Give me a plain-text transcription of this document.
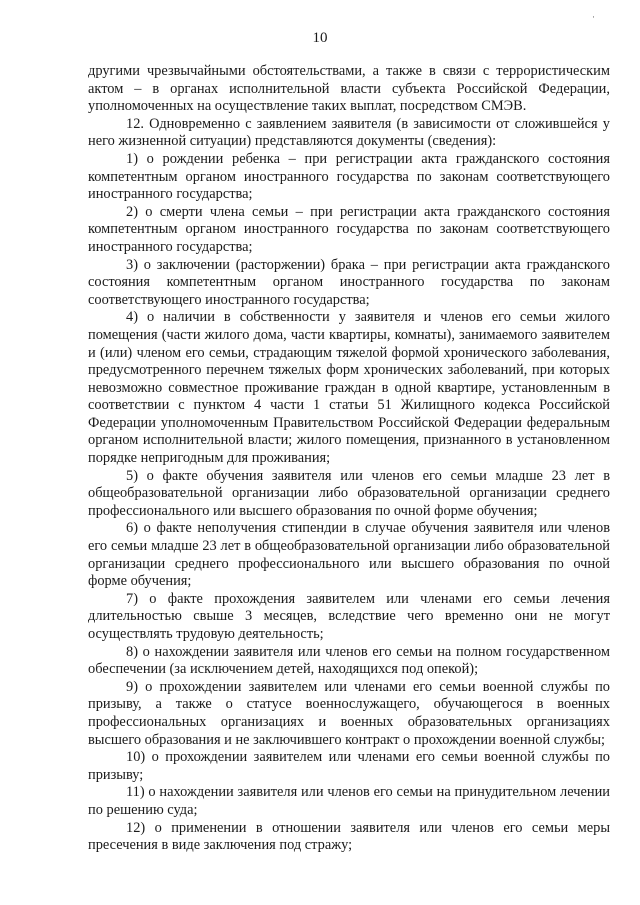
·
10

другими чрезвычайными обстоятельствами, а также в связи с террористическим актом – в органах исполнительной власти субъекта Российской Федерации, уполномоченных на осуществление таких выплат, посредством СМЭВ.

12. Одновременно с заявлением заявителя (в зависимости от сложившейся у него жизненной ситуации) представляются документы (сведения):

1) о рождении ребенка – при регистрации акта гражданского состояния компетентным органом иностранного государства по законам соответствующего иностранного государства;

2) о смерти члена семьи – при регистрации акта гражданского состояния компетентным органом иностранного государства по законам соответствующего иностранного государства;

3) о заключении (расторжении) брака – при регистрации акта гражданского состояния компетентным органом иностранного государства по законам соответствующего иностранного государства;

4) о наличии в собственности у заявителя и членов его семьи жилого помещения (части жилого дома, части квартиры, комнаты), занимаемого заявителем и (или) членом его семьи, страдающим тяжелой формой хронического заболевания, предусмотренного перечнем тяжелых форм хронических заболеваний, при которых невозможно совместное проживание граждан в одной квартире, установленным в соответствии с пунктом 4 части 1 статьи 51 Жилищного кодекса Российской Федерации уполномоченным Правительством Российской Федерации федеральным органом исполнительной власти; жилого помещения, признанного в установленном порядке непригодным для проживания;

5) о факте обучения заявителя или членов его семьи младше 23 лет в общеобразовательной организации либо образовательной организации среднего профессионального или высшего образования по очной форме обучения;

6) о факте неполучения стипендии в случае обучения заявителя или членов его семьи младше 23 лет в общеобразовательной организации либо образовательной организации среднего профессионального или высшего образования по очной форме обучения;

7) о факте прохождения заявителем или членами его семьи лечения длительностью свыше 3 месяцев, вследствие чего временно они не могут осуществлять трудовую деятельность;

8) о нахождении заявителя или членов его семьи на полном государственном обеспечении (за исключением детей, находящихся под опекой);

9) о прохождении заявителем или членами его семьи военной службы по призыву, а также о статусе военнослужащего, обучающегося в военных профессиональных организациях и военных образовательных организациях высшего образования и не заключившего контракт о прохождении военной службы;

10) о прохождении заявителем или членами его семьи военной службы по призыву;

11) о нахождении заявителя или членов его семьи на принудительном лечении по решению суда;

12) о применении в отношении заявителя или членов его семьи меры пресечения в виде заключения под стражу;
